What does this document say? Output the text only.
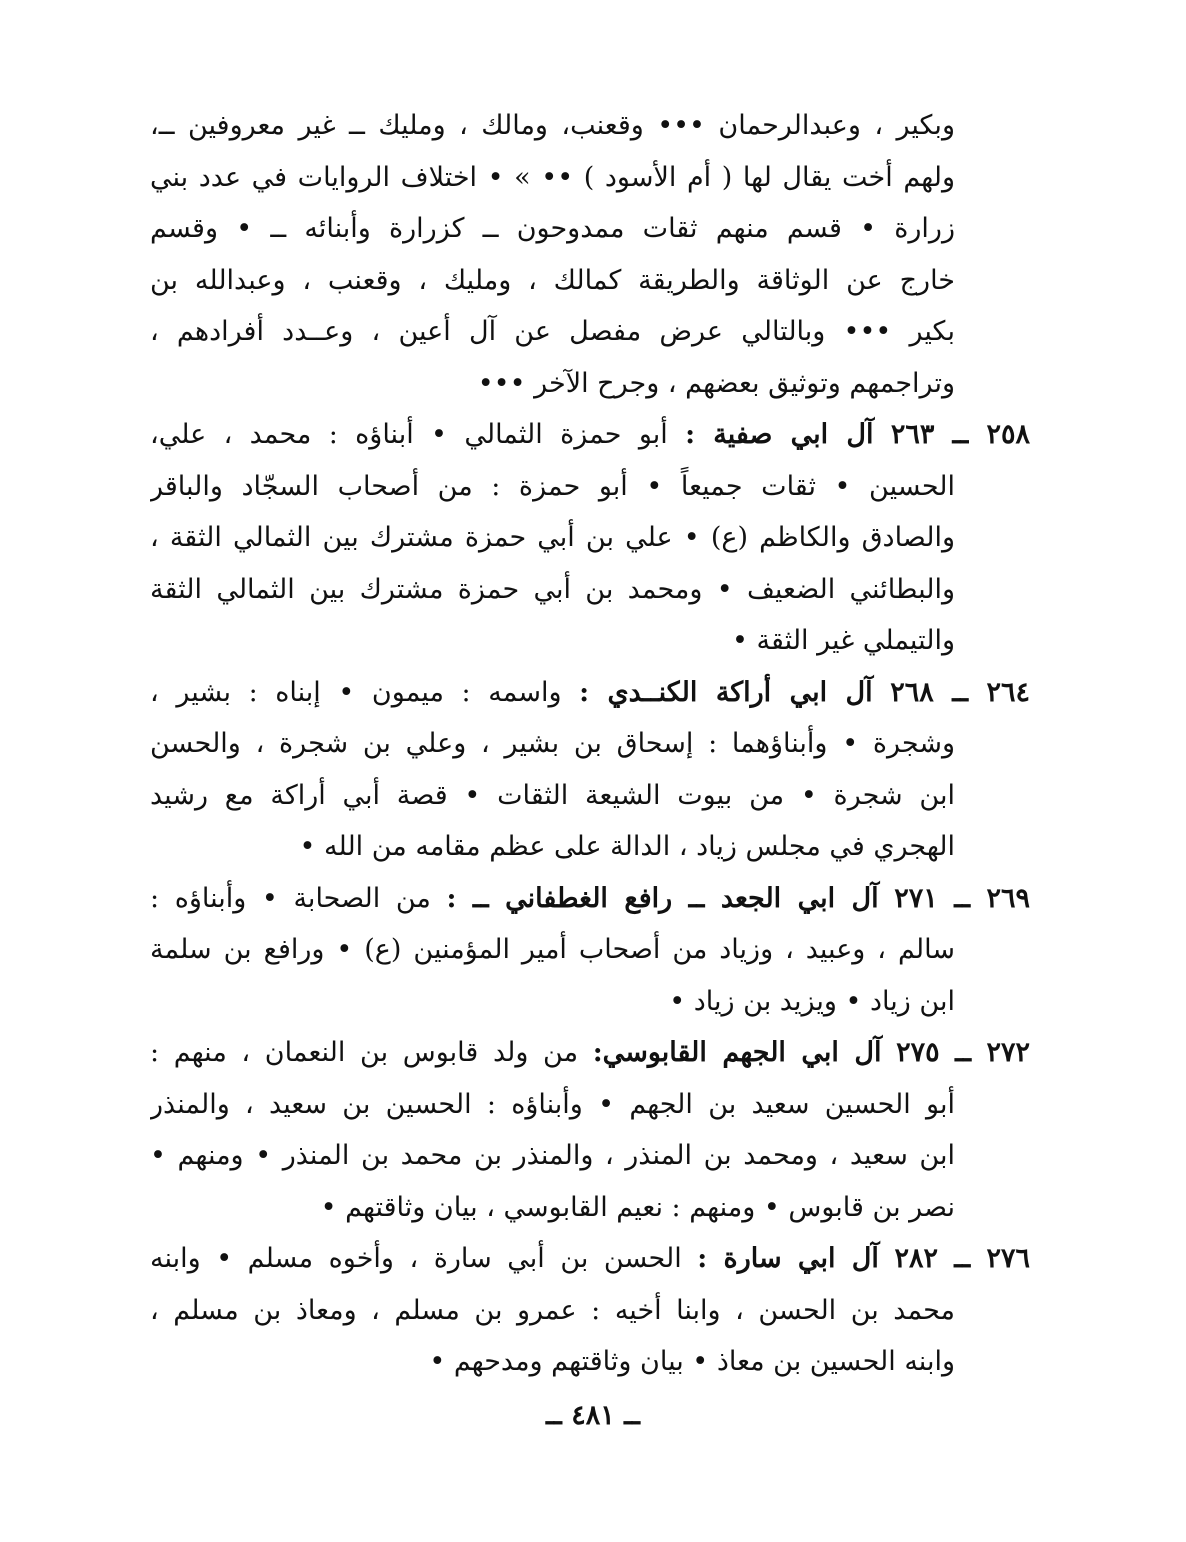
وبكير ، وعبدالرحمان ••• وقعنب، ومالك ، ومليك ــ غير معروفين ــ،
ولهم أخت يقال لها ( أم الأسود ) •• » • اختلاف الروايات في عدد بني
زرارة • قسم منهم ثقات ممدوحون ــ كزرارة وأبنائه ــ • وقسم
خارج عن الوثاقة والطريقة كمالك ، ومليك ، وقعنب ، وعبدالله بن
بكير ••• وبالتالي عرض مفصل عن آل أعين ، وعــدد أفرادهم ،
وتراجمهم وتوثيق بعضهم ، وجرح الآخر •••
٢٥٨ ــ ٢٦٣ آل ابي صفية : أبو حمزة الثمالي • أبناؤه : محمد ، علي،
الحسين • ثقات جميعاً • أبو حمزة : من أصحاب السجّاد والباقر
والصادق والكاظم (ع) • علي بن أبي حمزة مشترك بين الثمالي الثقة ،
والبطائني الضعيف • ومحمد بن أبي حمزة مشترك بين الثمالي الثقة
والتيملي غير الثقة •
٢٦٤ ــ ٢٦٨ آل ابي أراكة الكنــدي : واسمه : ميمون • إبناه : بشير ،
وشجرة • وأبناؤهما : إسحاق بن بشير ، وعلي بن شجرة ، والحسن
ابن شجرة • من بيوت الشيعة الثقات • قصة أبي أراكة مع رشيد
الهجري في مجلس زياد ، الدالة على عظم مقامه من الله •
٢٦٩ ــ ٢٧١ آل ابي الجعد ــ رافع الغطفاني ــ : من الصحابة • وأبناؤه :
سالم ، وعبيد ، وزياد من أصحاب أمير المؤمنين (ع) • ورافع بن سلمة
ابن زياد • ويزيد بن زياد •
٢٧٢ ــ ٢٧٥ آل ابي الجهم القابوسي: من ولد قابوس بن النعمان ، منهم :
أبو الحسين سعيد بن الجهم • وأبناؤه : الحسين بن سعيد ، والمنذر
ابن سعيد ، ومحمد بن المنذر ، والمنذر بن محمد بن المنذر • ومنهم •
نصر بن قابوس • ومنهم : نعيم القابوسي ، بيان وثاقتهم •
٢٧٦ ــ ٢٨٢ آل ابي سارة : الحسن بن أبي سارة ، وأخوه مسلم • وابنه
محمد بن الحسن ، وابنا أخيه : عمرو بن مسلم ، ومعاذ بن مسلم ،
وابنه الحسين بن معاذ • بيان وثاقتهم ومدحهم •
ــ ٤٨١ ــ
